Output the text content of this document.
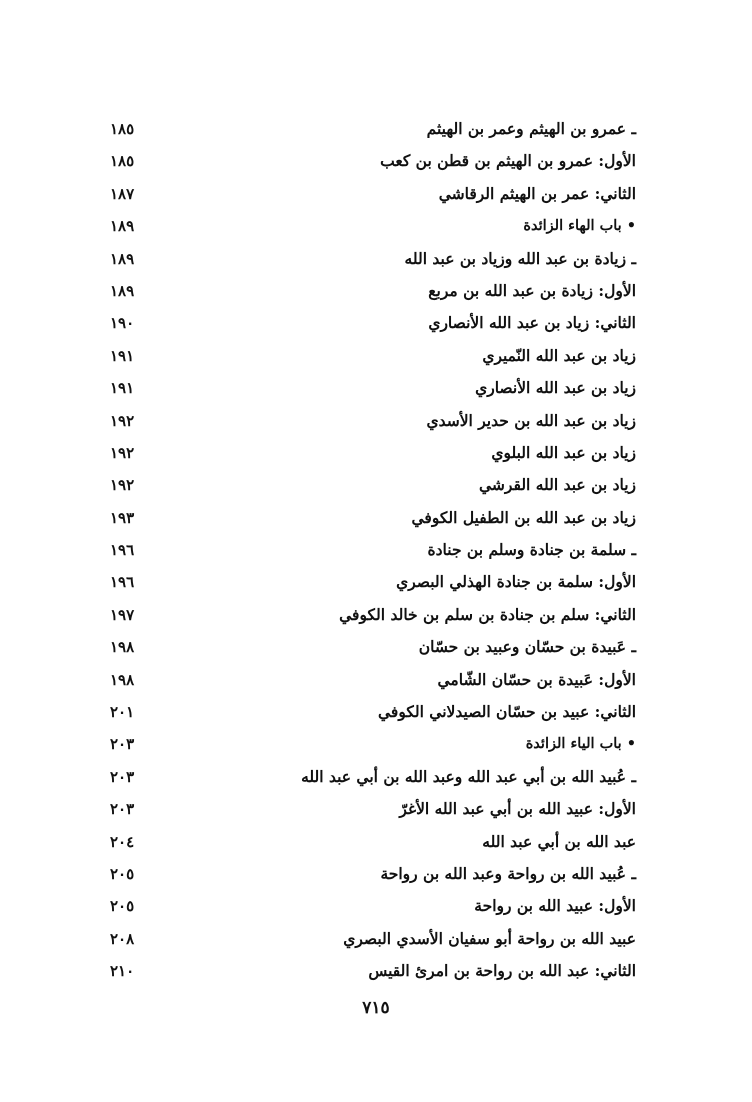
ـ عمرو بن الهيثم وعمر بن الهيثم
١٨٥
الأول: عمرو بن الهيثم بن قطن بن كعب
١٨٥
الثاني: عمر بن الهيثم الرقاشي
١٨٧
• باب الهاء الزائدة
١٨٩
ـ زيادة بن عبد الله وزياد بن عبد الله
١٨٩
الأول: زيادة بن عبد الله بن مربع
١٨٩
الثاني: زياد بن عبد الله الأنصاري
١٩٠
زياد بن عبد الله النّميري
١٩١
زياد بن عبد الله الأنصاري
١٩١
زياد بن عبد الله بن حدير الأسدي
١٩٢
زياد بن عبد الله البلوي
١٩٢
زياد بن عبد الله القرشي
١٩٢
زياد بن عبد الله بن الطفيل الكوفي
١٩٣
ـ سلمة بن جنادة وسلم بن جنادة
١٩٦
الأول: سلمة بن جنادة الهذلي البصري
١٩٦
الثاني: سلم بن جنادة بن سلم بن خالد الكوفي
١٩٧
ـ عَبيدة بن حسّان وعبيد بن حسّان
١٩٨
الأول: عَبيدة بن حسّان الشّامي
١٩٨
الثاني: عبيد بن حسّان الصيدلاني الكوفي
٢٠١
• باب الياء الزائدة
٢٠٣
ـ عُبيد الله بن أبي عبد الله وعبد الله بن أبي عبد الله
٢٠٣
الأول: عبيد الله بن أبي عبد الله الأغرّ
٢٠٣
عبد الله بن أبي عبد الله
٢٠٤
ـ عُبيد الله بن رواحة وعبد الله بن رواحة
٢٠٥
الأول: عبيد الله بن رواحة
٢٠٥
عبيد الله بن رواحة أبو سفيان الأسدي البصري
٢٠٨
الثاني: عبد الله بن رواحة بن امرئ القيس
٢١٠
٧١٥
